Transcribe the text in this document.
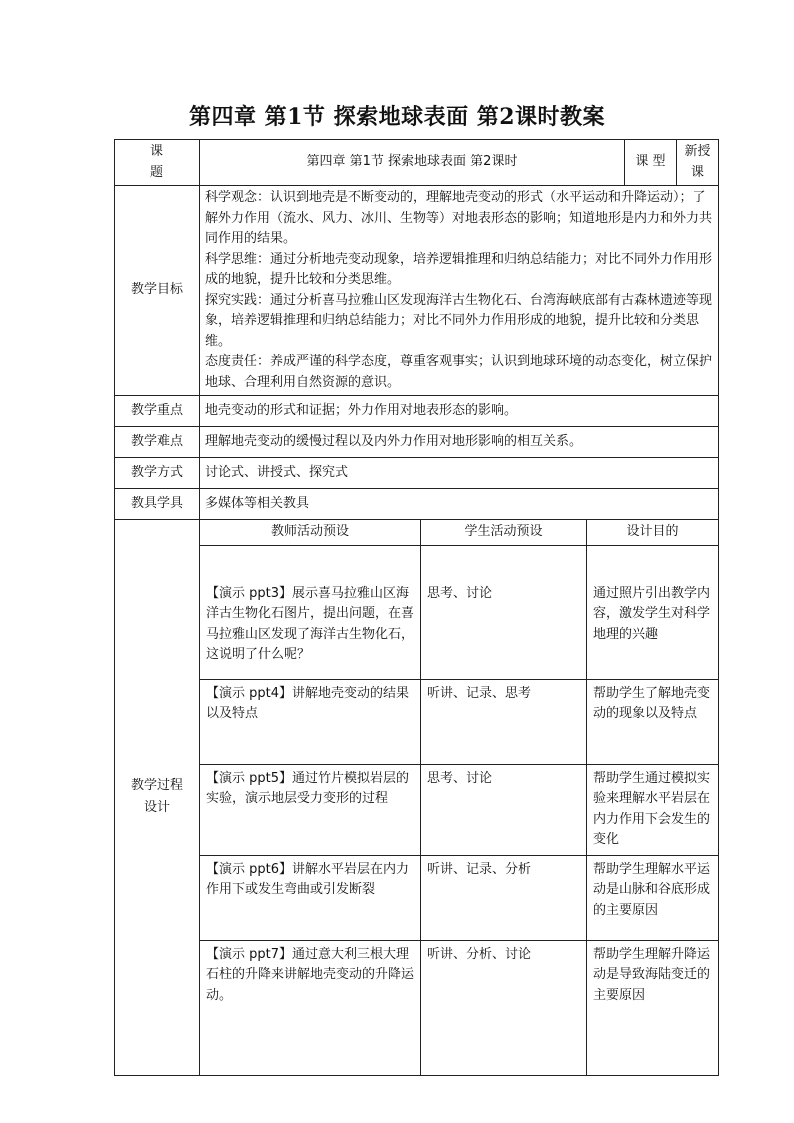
第四章 第1节 探索地球表面 第2课时教案
课 题	第四章 第1节 探索地球表面 第2课时			课 型	新授课
教学目标	科学观念：认识到地壳是不断变动的，理解地壳变动的形式（水平运动和升降运动）；了解外力作用（流水、风力、冰川、生物等）对地表形态的影响；知道地形是内力和外力共同作用的结果。

科学思维：通过分析地壳变动现象，培养逻辑推理和归纳总结能力；对比不同外力作用形成的地貌，提升比较和分类思维。

探究实践：通过分析喜马拉雅山区发现海洋古生物化石、台湾海峡底部有古森林遗迹等现象，培养逻辑推理和归纳总结能力；对比不同外力作用形成的地貌，提升比较和分类思维。

态度责任：养成严谨的科学态度，尊重客观事实；认识到地球环境的动态变化，树立保护地球、合理利用自然资源的意识。				

教学重点	地壳变动的形式和证据；外力作用对地表形态的影响。				
教学难点	理解地壳变动的缓慢过程以及内外力作用对地形影响的相互关系。				
教学方式	讨论式、讲授式、探究式				
教具学具	多媒体等相关教具				
教学过程
设计	教师活动预设	学生活动预设	设计目的		
	【演示 ppt3】展示喜马拉雅山区海洋古生物化石图片，提出问题，在喜马拉雅山区发现了海洋古生物化石，这说明了什么呢？	思考、讨论	通过照片引出教学内容，激发学生对科学地理的兴趣		
	【演示 ppt4】讲解地壳变动的结果以及特点	听讲、记录、思考	帮助学生了解地壳变动的现象以及特点		
	【演示 ppt5】通过竹片模拟岩层的实验，演示地层受力变形的过程	思考、讨论	帮助学生通过模拟实验来理解水平岩层在内力作用下会发生的变化		
	【演示 ppt6】讲解水平岩层在内力作用下或发生弯曲或引发断裂	听讲、记录、分析	帮助学生理解水平运动是山脉和谷底形成的主要原因		
	【演示 ppt7】通过意大利三根大理石柱的升降来讲解地壳变动的升降运动。	听讲、分析、讨论	帮助学生理解升降运动是导致海陆变迁的主要原因		
